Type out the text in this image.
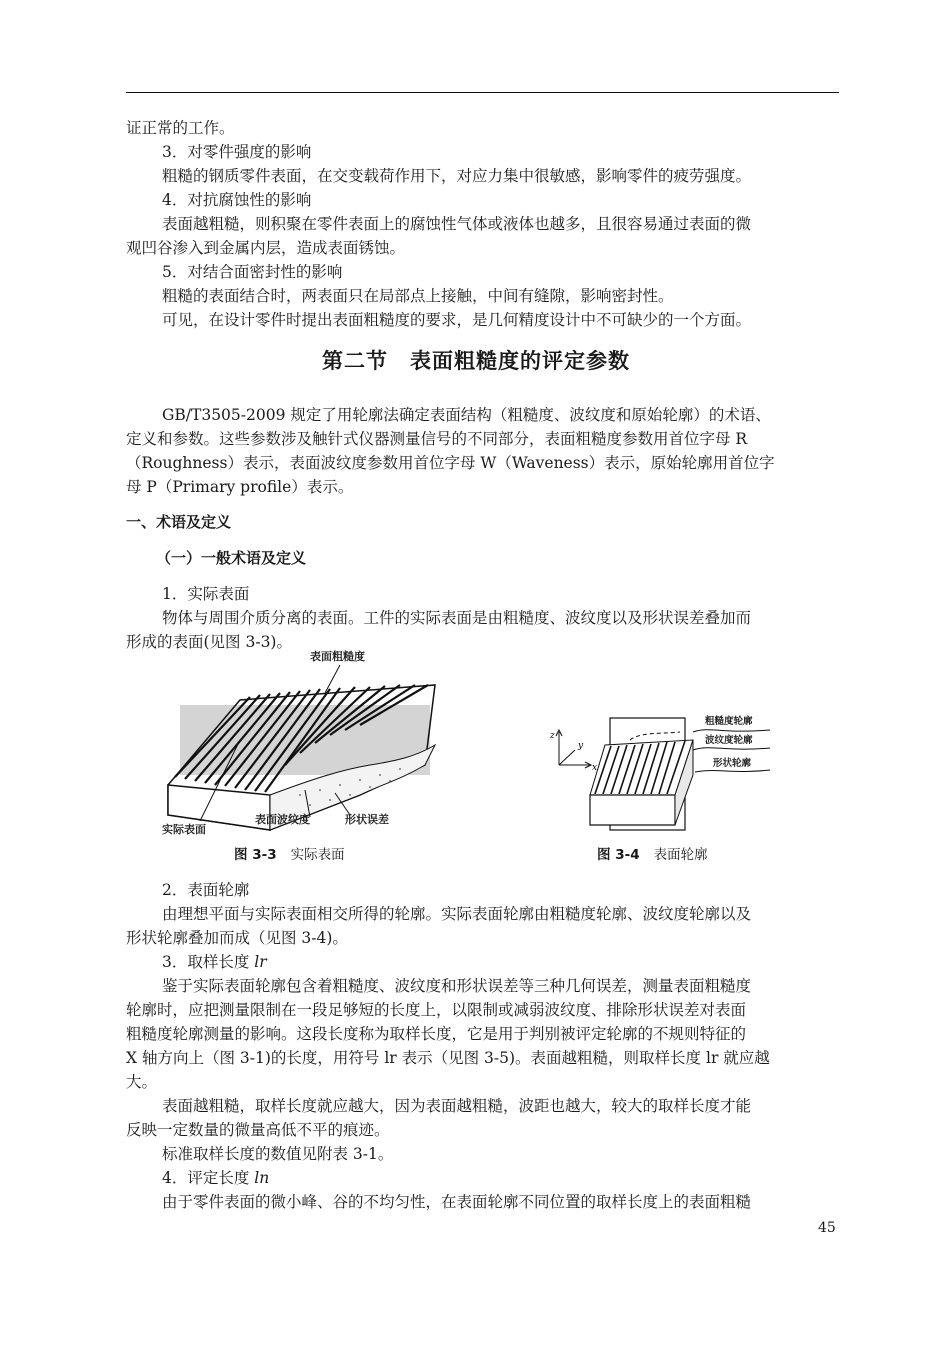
证正常的工作。

3．对零件强度的影响

粗糙的钢质零件表面，在交变载荷作用下，对应力集中很敏感，影响零件的疲劳强度。

4．对抗腐蚀性的影响

表面越粗糙，则积聚在零件表面上的腐蚀性气体或液体也越多，且很容易通过表面的微

观凹谷渗入到金属内层，造成表面锈蚀。

5．对结合面密封性的影响

粗糙的表面结合时，两表面只在局部点上接触，中间有缝隙，影响密封性。

可见，在设计零件时提出表面粗糙度的要求，是几何精度设计中不可缺少的一个方面。

第二节　表面粗糙度的评定参数

GB/T3505-2009 规定了用轮廓法确定表面结构（粗糙度、波纹度和原始轮廓）的术语、

定义和参数。这些参数涉及触针式仪器测量信号的不同部分，表面粗糙度参数用首位字母 R

（Roughness）表示，表面波纹度参数用首位字母 W（Waveness）表示，原始轮廓用首位字

母 P（Primary profile）表示。

一、术语及定义

（一）一般术语及定义

1．实际表面

物体与周围介质分离的表面。工件的实际表面是由粗糙度、波纹度以及形状误差叠加而

形成的表面(见图 3-3)。

表面粗糙度
实际表面
表面波纹度	形状误差
图 3-3 实际表面
z
y
x
粗糙度轮廓
波纹度轮廓
形状轮廓
图 3-4 表面轮廓

2．表面轮廓

由理想平面与实际表面相交所得的轮廓。实际表面轮廓由粗糙度轮廓、波纹度轮廓以及

形状轮廓叠加而成（见图 3-4)。

3．取样长度 lr

鉴于实际表面轮廓包含着粗糙度、波纹度和形状误差等三种几何误差，测量表面粗糙度

轮廓时，应把测量限制在一段足够短的长度上，以限制或减弱波纹度、排除形状误差对表面

粗糙度轮廓测量的影响。这段长度称为取样长度，它是用于判别被评定轮廓的不规则特征的

X 轴方向上（图 3-1)的长度，用符号 lr 表示（见图 3-5)。表面越粗糙，则取样长度 lr 就应越

大。

表面越粗糙，取样长度就应越大，因为表面越粗糙，波距也越大，较大的取样长度才能

反映一定数量的微量高低不平的痕迹。

标准取样长度的数值见附表 3-1。

4．评定长度 ln

由于零件表面的微小峰、谷的不均匀性，在表面轮廓不同位置的取样长度上的表面粗糙

45
